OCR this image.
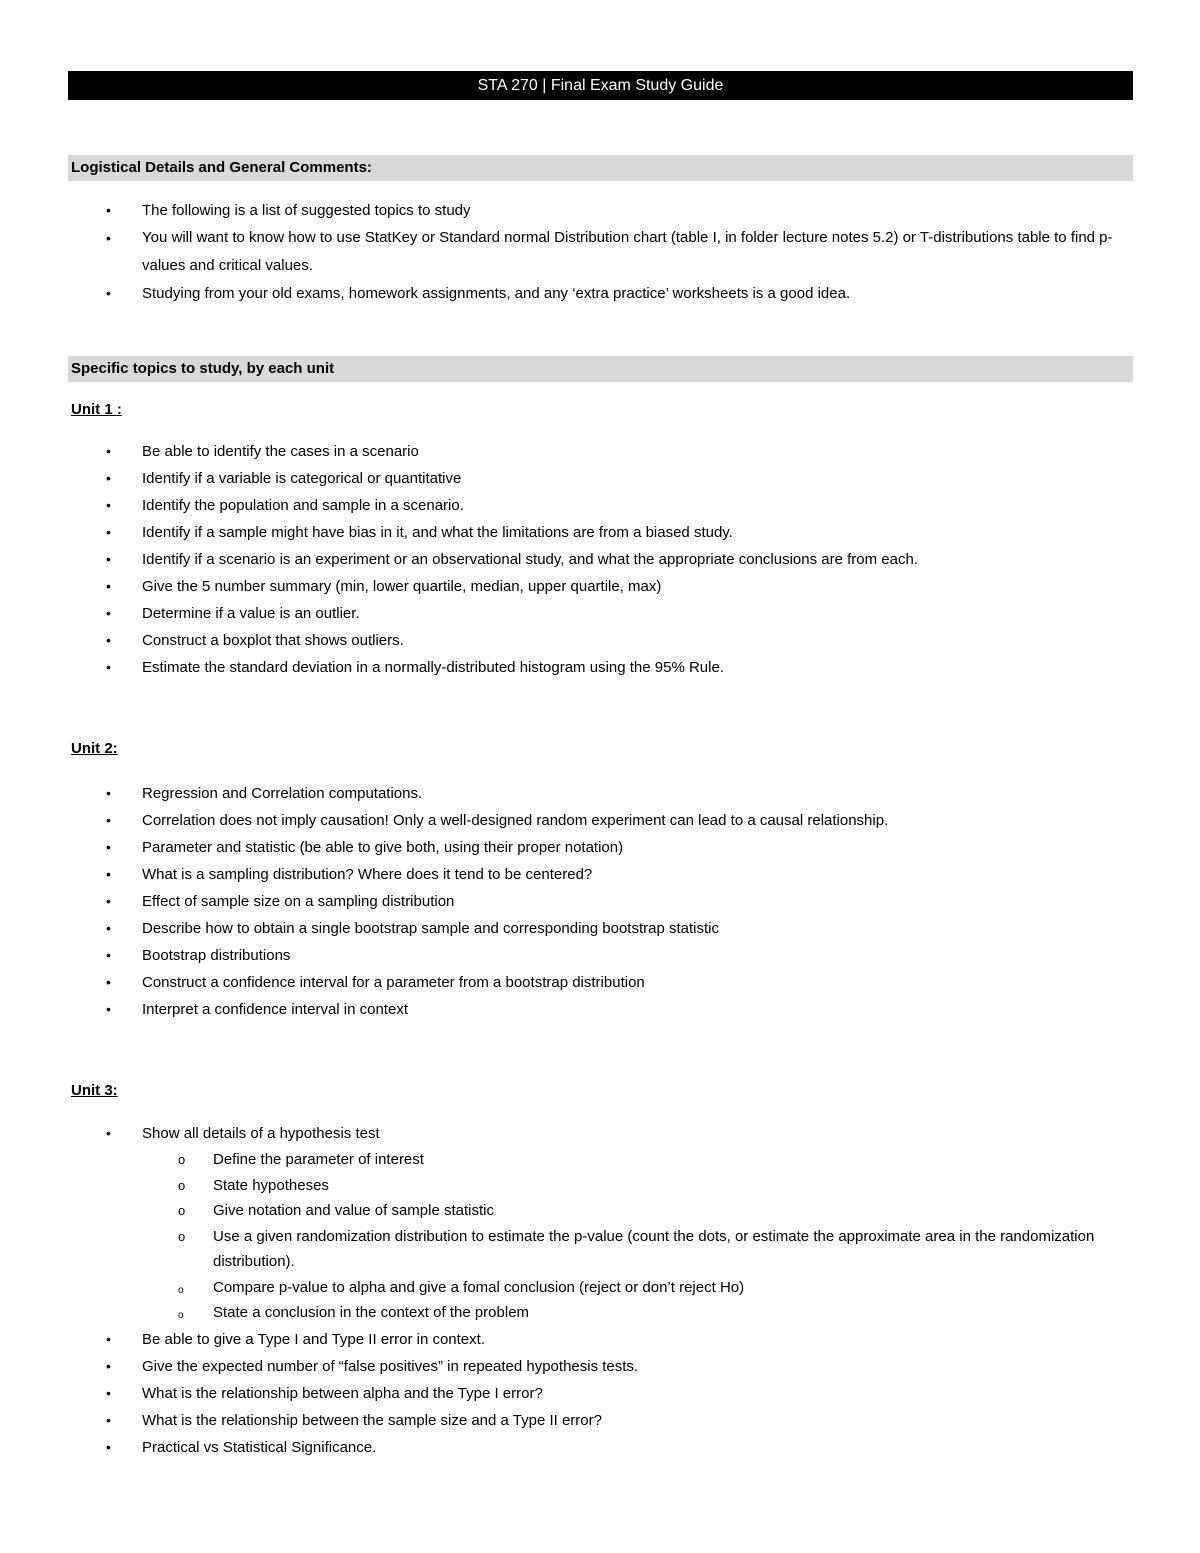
STA 270 | Final Exam Study Guide
Logistical Details and General Comments:
• The following is a list of suggested topics to study
• You will want to know how to use StatKey or Standard normal Distribution chart (table I, in folder lecture notes 5.2) or T-distributions table to find p-values and critical values.
• Studying from your old exams, homework assignments, and any ‘extra practice’ worksheets is a good idea.
Specific topics to study, by each unit
Unit 1 :
• Be able to identify the cases in a scenario
• Identify if a variable is categorical or quantitative
• Identify the population and sample in a scenario.
• Identify if a sample might have bias in it, and what the limitations are from a biased study.
• Identify if a scenario is an experiment or an observational study, and what the appropriate conclusions are from each.
• Give the 5 number summary (min, lower quartile, median, upper quartile, max)
• Determine if a value is an outlier.
• Construct a boxplot that shows outliers.
• Estimate the standard deviation in a normally-distributed histogram using the 95% Rule.
Unit 2:
• Regression and Correlation computations.
• Correlation does not imply causation! Only a well-designed random experiment can lead to a causal relationship.
• Parameter and statistic (be able to give both, using their proper notation)
• What is a sampling distribution? Where does it tend to be centered?
• Effect of sample size on a sampling distribution
• Describe how to obtain a single bootstrap sample and corresponding bootstrap statistic
• Bootstrap distributions
• Construct a confidence interval for a parameter from a bootstrap distribution
• Interpret a confidence interval in context
Unit 3:
• Show all details of a hypothesis test
o Define the parameter of interest
o State hypotheses
o Give notation and value of sample statistic
o Use a given randomization distribution to estimate the p-value (count the dots, or estimate the approximate area in the randomization distribution).
o Compare p-value to alpha and give a fomal conclusion (reject or don’t reject Ho)
o State a conclusion in the context of the problem
• Be able to give a Type I and Type II error in context.
• Give the expected number of “false positives” in repeated hypothesis tests.
• What is the relationship between alpha and the Type I error?
• What is the relationship between the sample size and a Type II error?
• Practical vs Statistical Significance.
